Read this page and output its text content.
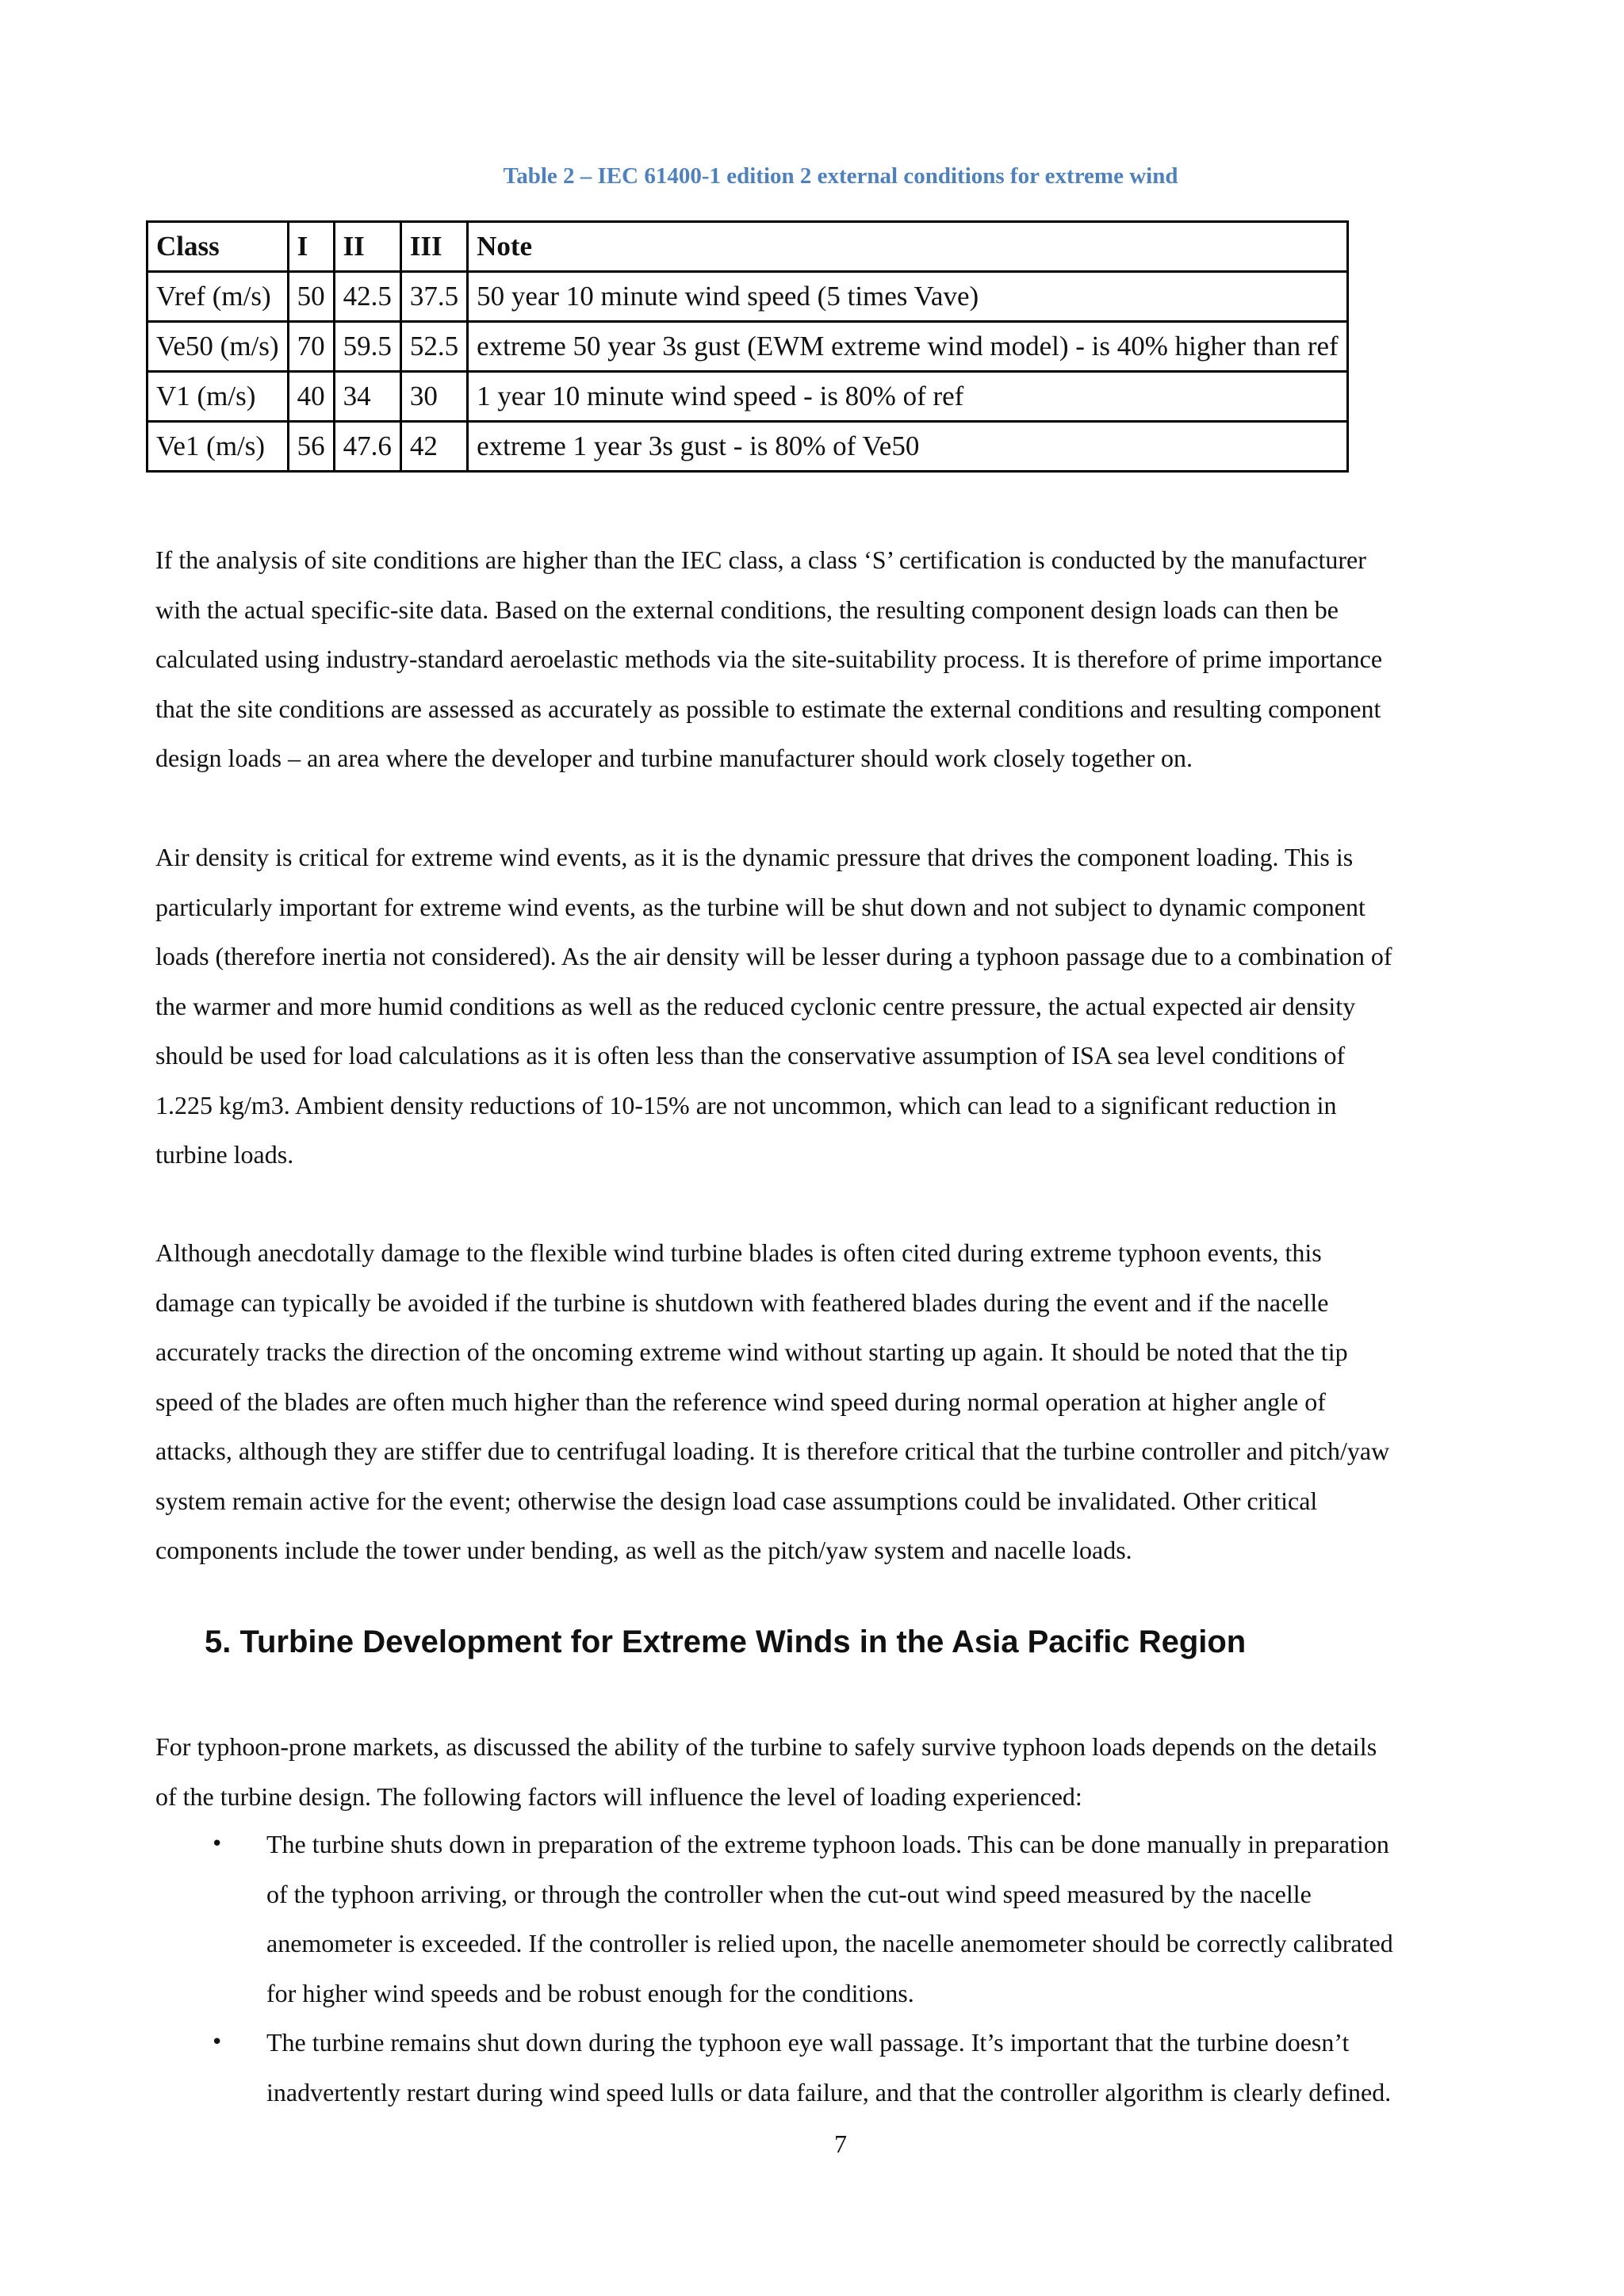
Table 2 – IEC 61400-1 edition 2 external conditions for extreme wind
Class	I	II	III	Note
Vref (m/s)	50	42.5	37.5	50 year 10 minute wind speed (5 times Vave)
Ve50 (m/s)	70	59.5	52.5	extreme 50 year 3s gust (EWM extreme wind model) - is 40% higher than ref
V1 (m/s)	40	34	30	1 year 10 minute wind speed - is 80% of ref
Ve1 (m/s)	56	47.6	42	extreme 1 year 3s gust - is 80% of Ve50

If the analysis of site conditions are higher than the IEC class, a class ‘S’ certification is conducted by the manufacturer
with the actual specific-site data. Based on the external conditions, the resulting component design loads can then be
calculated using industry-standard aeroelastic methods via the site-suitability process. It is therefore of prime importance
that the site conditions are assessed as accurately as possible to estimate the external conditions and resulting component
design loads – an area where the developer and turbine manufacturer should work closely together on.

Air density is critical for extreme wind events, as it is the dynamic pressure that drives the component loading. This is
particularly important for extreme wind events, as the turbine will be shut down and not subject to dynamic component
loads (therefore inertia not considered). As the air density will be lesser during a typhoon passage due to a combination of
the warmer and more humid conditions as well as the reduced cyclonic centre pressure, the actual expected air density
should be used for load calculations as it is often less than the conservative assumption of ISA sea level conditions of
1.225 kg/m3. Ambient density reductions of 10-15% are not uncommon, which can lead to a significant reduction in
turbine loads.

Although anecdotally damage to the flexible wind turbine blades is often cited during extreme typhoon events, this
damage can typically be avoided if the turbine is shutdown with feathered blades during the event and if the nacelle
accurately tracks the direction of the oncoming extreme wind without starting up again. It should be noted that the tip
speed of the blades are often much higher than the reference wind speed during normal operation at higher angle of
attacks, although they are stiffer due to centrifugal loading. It is therefore critical that the turbine controller and pitch/yaw
system remain active for the event; otherwise the design load case assumptions could be invalidated. Other critical
components include the tower under bending, as well as the pitch/yaw system and nacelle loads.

5. Turbine Development for Extreme Winds in the Asia Pacific Region

For typhoon-prone markets, as discussed the ability of the turbine to safely survive typhoon loads depends on the details
of the turbine design. The following factors will influence the level of loading experienced:

• The turbine shuts down in preparation of the extreme typhoon loads. This can be done manually in preparation
of the typhoon arriving, or through the controller when the cut-out wind speed measured by the nacelle
anemometer is exceeded. If the controller is relied upon, the nacelle anemometer should be correctly calibrated
for higher wind speeds and be robust enough for the conditions.
• The turbine remains shut down during the typhoon eye wall passage. It’s important that the turbine doesn’t
inadvertently restart during wind speed lulls or data failure, and that the controller algorithm is clearly defined.
7
